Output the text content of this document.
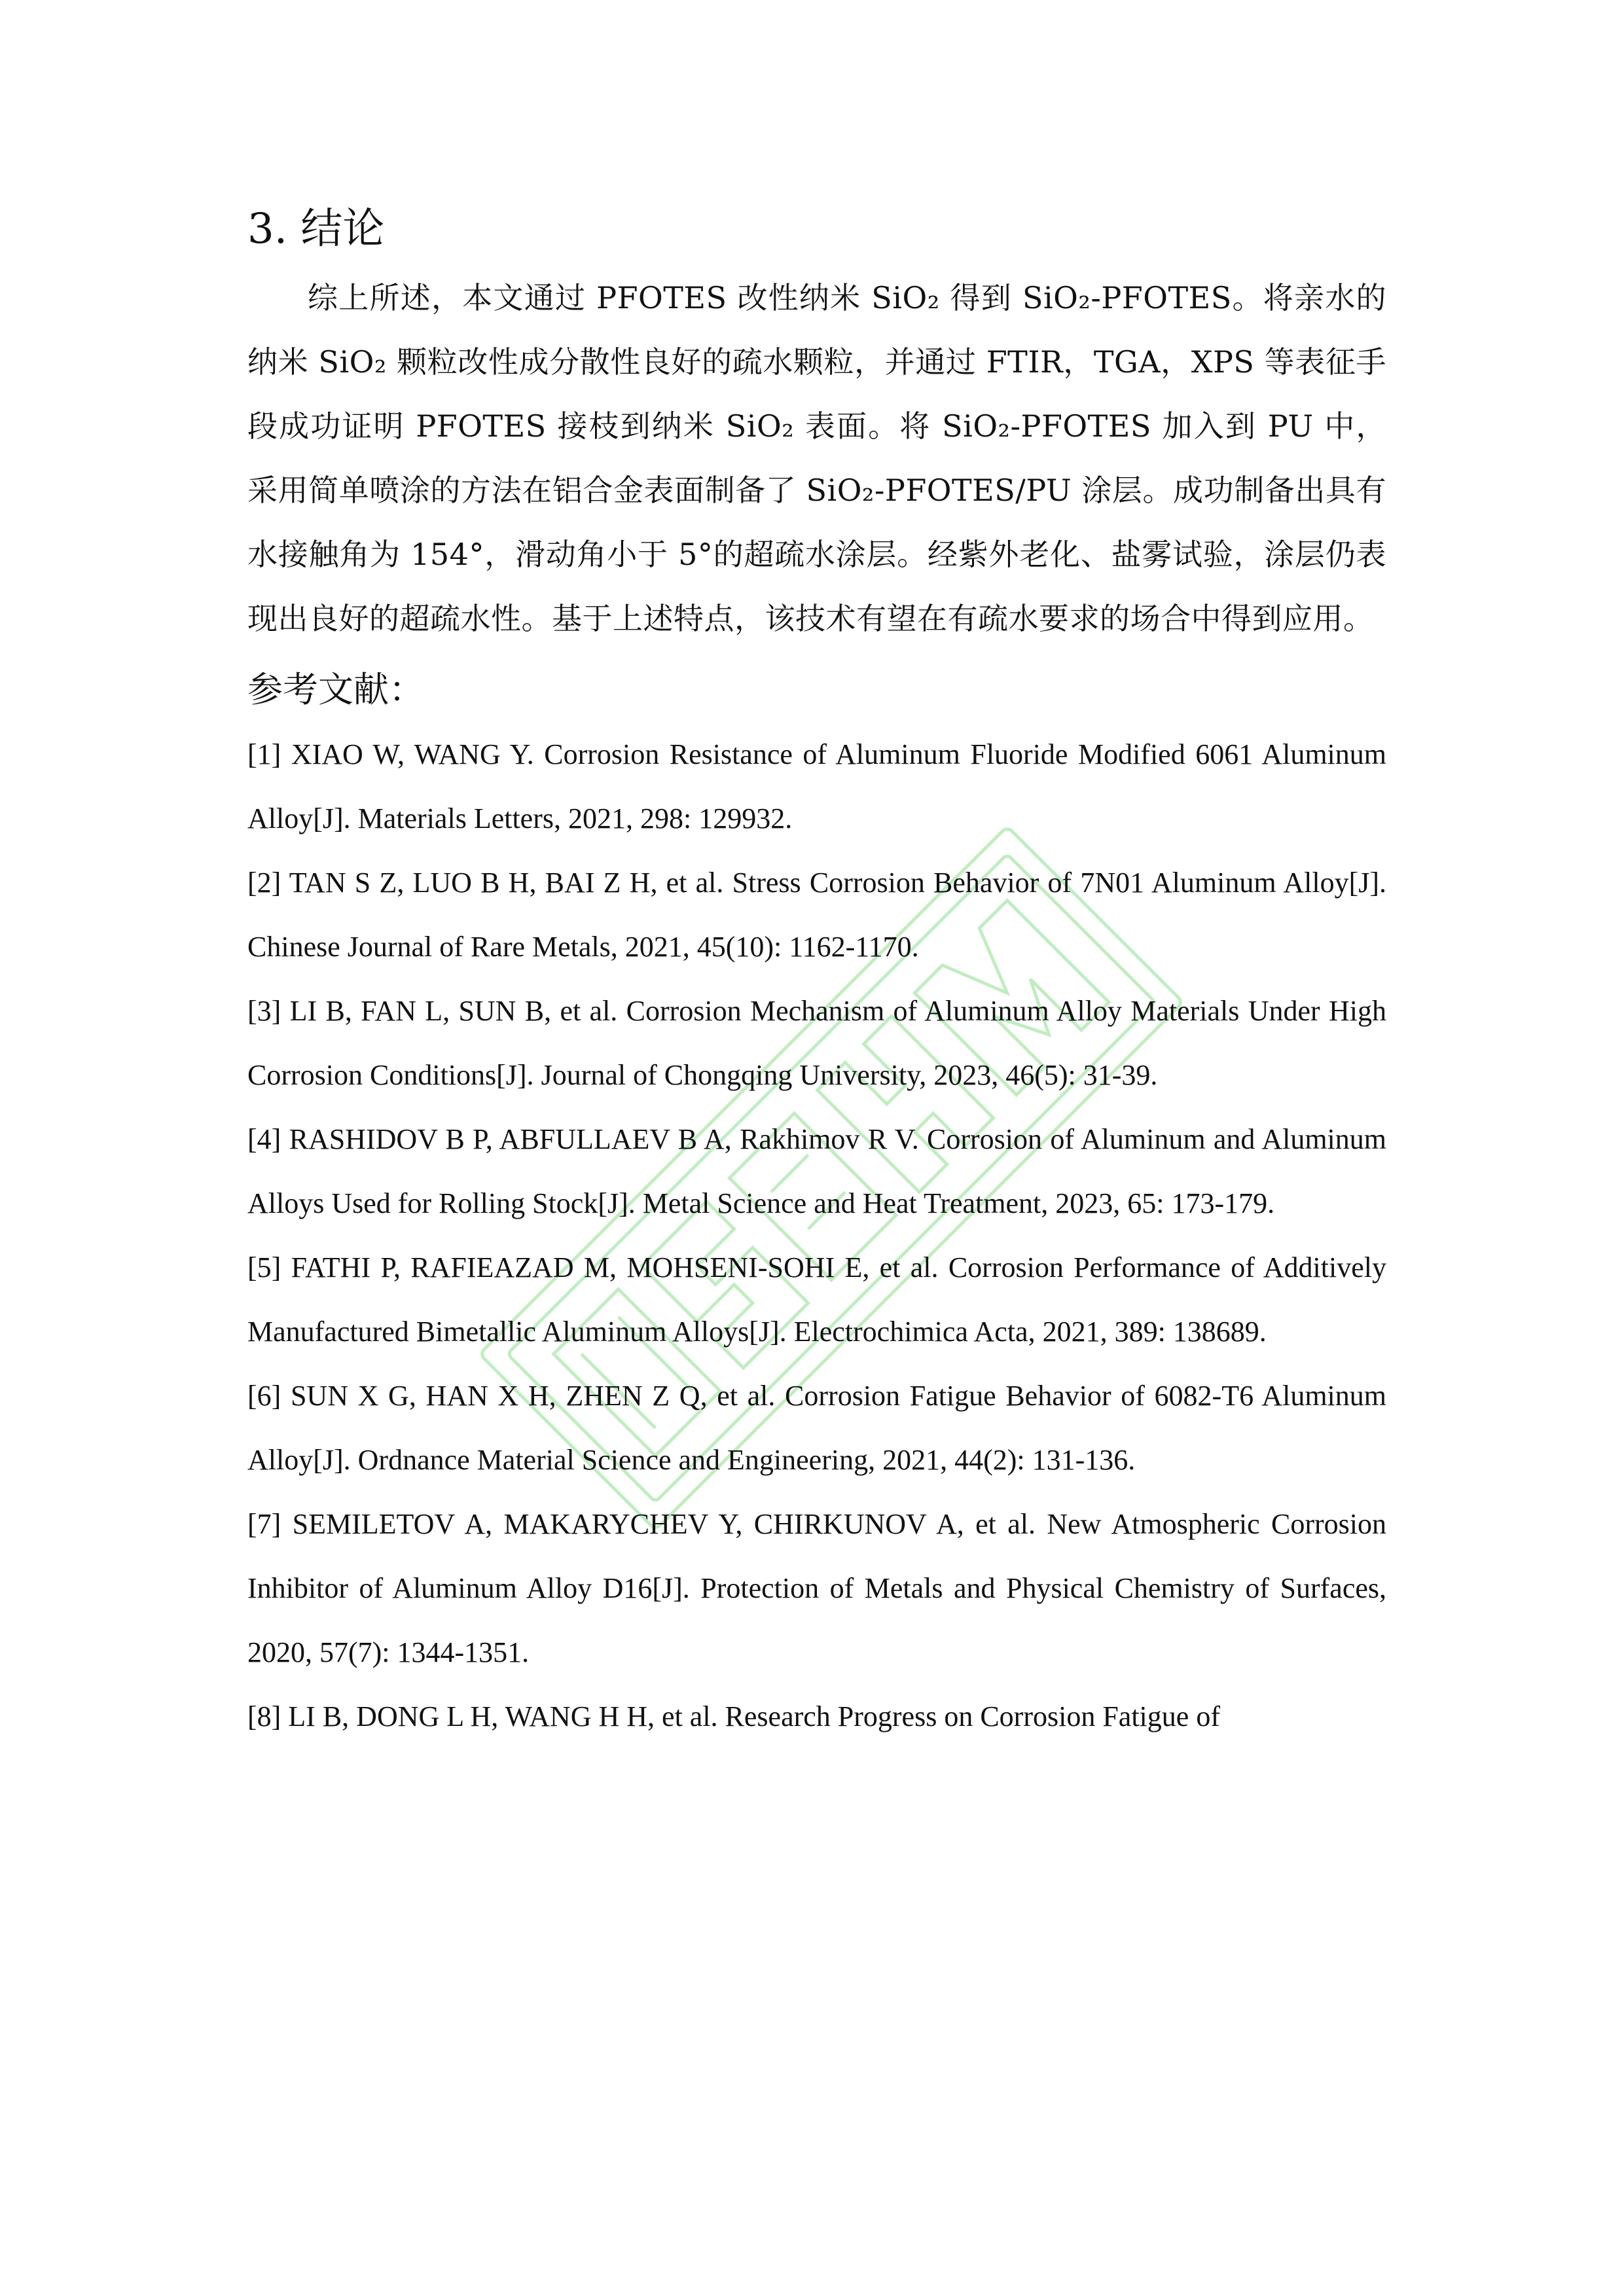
3. 结论

综上所述，本文通过 PFOTES 改性纳米 SiO₂ 得到 SiO₂-PFOTES。将亲水的纳米 SiO₂ 颗粒改性成分散性良好的疏水颗粒，并通过 FTIR，TGA，XPS 等表征手段成功证明 PFOTES 接枝到纳米 SiO₂ 表面。将 SiO₂-PFOTES 加入到 PU 中，采用简单喷涂的方法在铝合金表面制备了 SiO₂-PFOTES/PU 涂层。成功制备出具有水接触角为 154°，滑动角小于 5°的超疏水涂层。经紫外老化、盐雾试验，涂层仍表现出良好的超疏水性。基于上述特点，该技术有望在有疏水要求的场合中得到应用。

参考文献：
[1] XIAO W, WANG Y. Corrosion Resistance of Aluminum Fluoride Modified 6061 Aluminum Alloy[J]. Materials Letters, 2021, 298: 129932.
[2] TAN S Z, LUO B H, BAI Z H, et al. Stress Corrosion Behavior of 7N01 Aluminum Alloy[J]. Chinese Journal of Rare Metals, 2021, 45(10): 1162-1170.
[3] LI B, FAN L, SUN B, et al. Corrosion Mechanism of Aluminum Alloy Materials Under High Corrosion Conditions[J]. Journal of Chongqing University, 2023, 46(5): 31-39.
[4] RASHIDOV B P, ABFULLAEV B A, Rakhimov R V. Corrosion of Aluminum and Aluminum Alloys Used for Rolling Stock[J]. Metal Science and Heat Treatment, 2023, 65: 173-179.
[5] FATHI P, RAFIEAZAD M, MOHSENI-SOHI E, et al. Corrosion Performance of Additively Manufactured Bimetallic Aluminum Alloys[J]. Electrochimica Acta, 2021, 389: 138689.
[6] SUN X G, HAN X H, ZHEN Z Q, et al. Corrosion Fatigue Behavior of 6082-T6 Aluminum Alloy[J]. Ordnance Material Science and Engineering, 2021, 44(2): 131-136.
[7] SEMILETOV A, MAKARYCHEV Y, CHIRKUNOV A, et al. New Atmospheric Corrosion Inhibitor of Aluminum Alloy D16[J]. Protection of Metals and Physical Chemistry of Surfaces, 2020, 57(7): 1344-1351.
[8] LI B, DONG L H, WANG H H, et al. Research Progress on Corrosion Fatigue of
